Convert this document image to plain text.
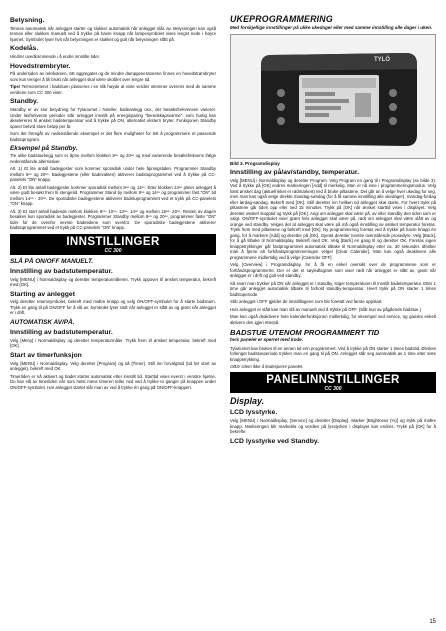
Belysning.

Tennes automatisk når anlegget starter og slukker automatisk når anlegget slås av. Belysningen kan også tennes eller slukkes manuelt ved å trykke på havre knapp når lampesymbolet vises lengst nede i høyre hjørnet. Symbolet lyser hvit når belysningen er slukket og gult når belysningen slått på.

Kodelås.

Hindrer uvedkommende i å endre innstilte tider.

Hovedstrømbryter.

På undersiden av releboksen, SE aggregatet og de mindre dampgeneratorene finnes en hovedstrømbryter som kun trenger å bli brukt når anlegget skal være ukoblet over lengre tid.

Tips! Termometeret i badstuen plasseres i en slik høyde at viste verdier stemmer overens med de samme verdiene som CC 300 viser.

Standby.

Standby er av stor betydning for Tylariumet i hoteller, badeanlegg osv., der besøksfrekvensen varierer. Under lavfrekvente perioder står anlegget innstilt på energisparing "beredskapsvarme", som hurtig kan akselereres til ønsket badetemperatur ved å trykke på ON, alternativt ekstern bryter. Funksjonen Standby sparer betvrd store beløp per år.

Som det fremgår av nedenstående eksempel er det flere muligheter for lett å programmere et passende badstuprogram.

Eksempel på Standby.

Tre ulike badstuebegg som er åpne mellom klokken 8ᵒᵒ og 20ᵒᵒ og med varierende besøksfrekvens ifølge nedenstående alternativer.

Alt. 1) Et lite antall badegjester som kommer sporadisk under hele åpningstiden. Programmer Standby mellom 8ᵒᵒ og 20ᵒᵒ. Badegjestene (eller badevakten) aktiverer badstuprogrammet ved å trykke på CC-panelets "ON" knapp.

Alt. 2) Et lite antall badegjester kommer sporadisk mellom 8ᵒᵒ og 14ᵒᵒ. Etter klokken 14ᵒᵒ pleier anlegget å være godt besøkt frem til stengetid. Programmer Stand by mellom 8ᵒᵒ og 14ᵒᵒ og programmer fast "ON" tid mellom 14ᵒᵒ - 20ᵒᵒ. De sporadiske badegjestene aktiverer badstuprogrammet ved et trykk på CC-panelets "ON" knapp.

Alt. 3) Et stort antall badende mellom klokken 8ᵒᵒ- 10ᵒᵒ, 13ᵒᵒ- 14ᵒᵒ og mellom 18ᵒᵒ- 20ᵒᵒ. Resten av dagen besøkes kun sporadisk av badegjester. Programmer Standby mellom 8ᵒᵒ og 20ᵒᵒ, programmer faste "ON" tider for de ovenfor nevnte badetidene som ovenfor. De sporadiske badegjestene aktiverer badstuprogrammet ved et trykk på CC-panelets "ON" knapp.

INNSTILLINGER
CC 300
SLÅ PÅ ON/OFF MANUELT.
Innstilling av badstutemperatur.

Velg [MENU] i Normaldisplay og deretter temperaturmåleren. Trykk oppover til ønsket temperatur, bekreft med [OK].

Starting av anlegget

Velg deretter returnsymbolet, bekreft med midtre knapp og velg ON/OFF-symbolet for å starte badstuen. Trykk en gang til på ON/OFF for å slå av. Symbolet lyser rødt når anlegget er slått av og grønt når anlegget er i drift.

AUTOMATISK AV/PÅ.
Innstilling av badstutemperatur.

Velg [Meny] i Normaldisplay og deretter temperaturmåler. Trykk frem til ønsket temperatur, bekreft med [OK].

Start av timerfunksjon

Velg [MENU] i Normaldisplay. Velg deretter [Program] og så [Timer]. Still inn forvalgstid (tid før start av anlegget), bekreft med OK.

Timerliden er nå aktivert og badet starter automatisk etter innstilt tid. Starttid vises everst i venstre hjørne. Du kan slå av timerliden når som helst mens timeren teller ned ved å trykke to ganger på knappen under ON/OFF-symbolet. Har anlegget startet slår man av ved å trykke én gang på ON/OFF-knappen.

UKEPROGRAMMERING
Med forskjellige innstillinger på ulike ukedager eller med samme innstilling alle dager i uken.
TYLÖ
Bild 3. Programdisplay
Innstilling av på/av/standby, temperatur.

Velg [MENU] i Normaldisplay og deretter Program. Velg Program en gang til i Programdisplay (se bilde 3). Ved å trykke på [OK] endres markeringen [Add] til merkelig. Man er nå inne i programmeringsmodus. Velg først ønsket dag (aktuell ikket er rødmarkert) ved å bruke piltastene. Det går an å velge hver ukedag for seg, men man kan også velge direkte mandag-søndag (for å få samme innstilling alle ukedager), mandag-fredag eller lørdag-søndag. Bekreft med [OK]. Still deretter inn hvilken tid anlegget skal starte. For hvert trykk på piltastene går tiden opp eller ned 15 minutter. Trykk på [OK] når ønsket starttid vises i displayet. Velg deretter ønsket stopptid og trykk på [OK]. Angi om anlegget skal være på, av eller standby den tiden som er valgt. ON/OFF-symbolet viser grønt hvis anlegget skal være på, rødt om anlegget skal være slått av og orange ved standby. Velges det at anlegget skal være på må også innstilling av ønsket temperatur foretas. Trykk frem med piltastene og bekreft med [OK]. Ny programmering foretas ved å trykke på havre knapp én gang, for å markere [Add] og deretter på [OK]. Gjenta deretter nevnte ovenstående prosedyre. Velg [Back], for å gå tilbake til Normaldisplay. Bekreft med OK. Velg [Back] en gang til og deretter OK. Foretas ingen knappetrykkinger går fastprogrammet automatisk tilbake til Normaldisplay etter ca. 30 sekunder. Ønsker man å fjerne alt forhåndsprogrammeringen velger [Clear Calender]. Man kan også deaktivere alle programmene midlertidig ved å velge [Calender OFF].

Velg [Overview] i Programdisplay, for å få en enkel oversikt over de programmene som er forhåndsprogrammerte. Der er det et søyledlagram som viser rødt når anlegget er slått av, grønt når anlegget er i drift og gult ved standby.

Så snart man trykker på ON når anlegget er i standby, stiger temperaturen til innstilt badetemperatur. Etter 1 time går anlegget automatisk tilbake til forhold standby-temperatur. Hvert trykk på ON starter 1 times badstuperiode.

Står anlegget i OFF gjelder de innstillingene som ble foretatt ved første oppstart.

Hvis anlegget er slått kan man slå av manuelt ved å trykke på OFF. (Slår kun av pågående badstue.)

Man kan også deaktivere hele kalenderfunksjonen midlertidig, for eksempel ved service, og ganske enkelt aktivere den igjen etterpå.

BADSTUE UTENOM PROGRAMMERT TID
hvis panelet er sperret med kode.

Tylariumet kan brukes til en annen tid enn programmert. Ved å trykke på ON starter 1 times badstid. Ønskes forlenget badstueperiode trykker man en gang til på ON. Anlegget står seg automatisk av 1 time etter siste knappetrykking.

OBS! Glem ikke å kodesperre panelet.

PANELINNSTILLINGER
CC 300
Display.
LCD lysstyrke.

Velg [MENU] i Normaldisplay, [Service] og deretter [Display]. Marker [Brightness (%)] og trykk på midtre knapp. Markeringen blir markebla og verdien på lysstyrken i displayet kan endres. Trykk på [OK] for å bekrefte.

LCD lysstyrke ved Standby.
15
